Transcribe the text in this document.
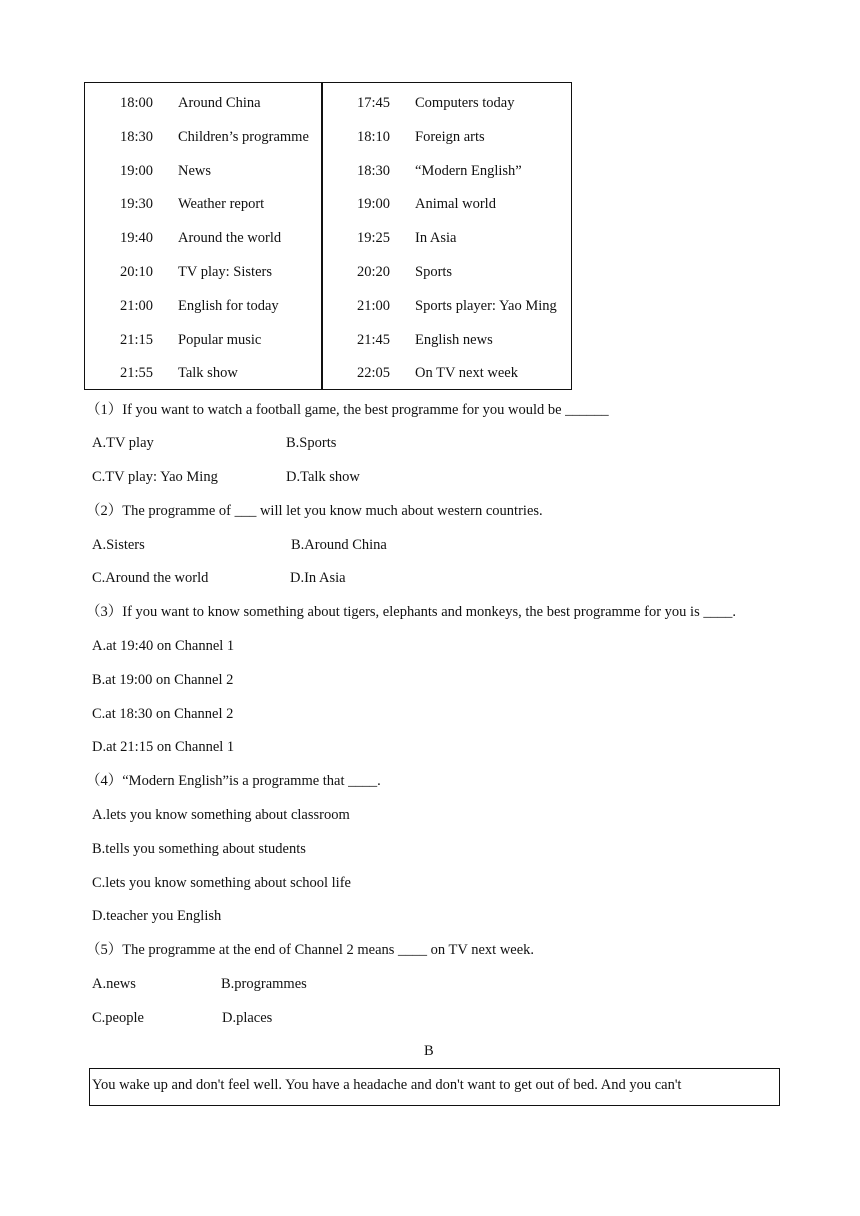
18:00 Around China
18:30 Children’s programme
19:00 News
19:30 Weather report
19:40 Around the world
20:10 TV play: Sisters
21:00 English for today
21:15 Popular music
21:55 Talk show
17:45 Computers today
18:10 Foreign arts
18:30 “Modern English”
19:00 Animal world
19:25 In Asia
20:20 Sports
21:00 Sports player: Yao Ming
21:45 English news
22:05 On TV next week
（1）If you want to watch a football game, the best programme for you would be ______
A.TV play	B.Sports
C.TV play: Yao Ming	D.Talk show
（2）The programme of ___ will let you know much about western countries.
A.Sisters	B.Around China
C.Around the world	D.In Asia
（3）If you want to know something about tigers, elephants and monkeys, the best programme for you is ____.
A.at 19:40 on Channel 1
B.at 19:00 on Channel 2
C.at 18:30 on Channel 2
D.at 21:15 on Channel 1
（4）“Modern English”is a programme that ____.
A.lets you know something about classroom
B.tells you something about students
C.lets you know something about school life
D.teacher you English
（5）The programme at the end of Channel 2 means ____ on TV next week.
A.news	B.programmes
C.people	D.places
B
You wake up and don't feel well. You have a headache and don't want to get out of bed. And you can't
